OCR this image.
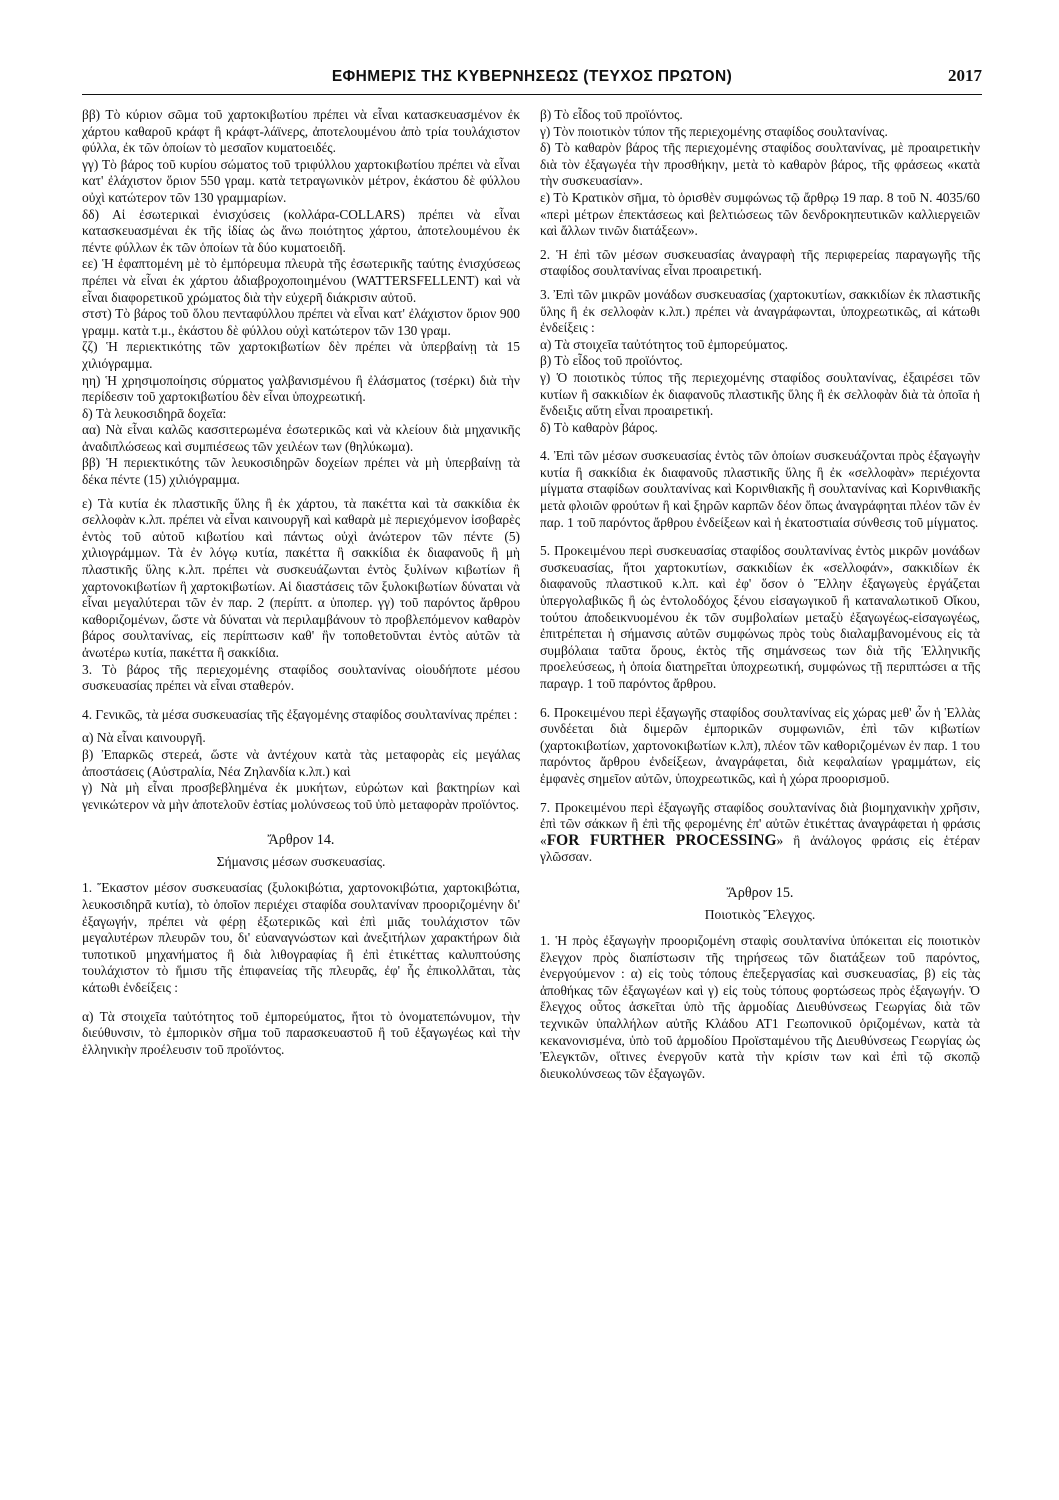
ΕΦΗΜΕΡΙΣ ΤΗΣ ΚΥΒΕΡΝΗΣΕΩΣ (ΤΕΥΧΟΣ ΠΡΩΤΟΝ)	2017

ββ) Τὸ κύριον σῶμα τοῦ χαρτοκιβωτίου πρέπει νὰ εἶναι κατασκευασμένον ἐκ χάρτου καθαροῦ κράφτ ἢ κράφτ-λάϊνερς, ἀποτελουμένου ἀπὸ τρία τουλάχιστον φύλλα, ἐκ τῶν ὁποίων τὸ μεσαῖον κυματοειδές.

γγ) Τὸ βάρος τοῦ κυρίου σώματος τοῦ τριφύλλου χαρτοκιβωτίου πρέπει νὰ εἶναι κατ' ἐλάχιστον ὅριον 550 γραμ. κατὰ τετραγωνικὸν μέτρον, ἑκάστου δὲ φύλλου οὐχὶ κατώτερον τῶν 130 γραμμαρίων.

δδ) Αἱ ἐσωτερικαὶ ἐνισχύσεις (κολλάρα-COLLARS) πρέπει νὰ εἶναι κατασκευασμέναι ἐκ τῆς ἰδίας ὡς ἄνω ποιότητος χάρτου, ἀποτελουμένου ἐκ πέντε φύλλων ἐκ τῶν ὁποίων τὰ δύο κυματοειδῆ.

εε) Ἡ ἐφαπτομένη μὲ τὸ ἐμπόρευμα πλευρὰ τῆς ἐσωτερικῆς ταύτης ἐνισχύσεως πρέπει νὰ εἶναι ἐκ χάρτου ἀδιαβροχοποιημένου (WATTERSFELLENT) καὶ νὰ εἶναι διαφορετικοῦ χρώματος διὰ τὴν εὐχερῆ διάκρισιν αὐτοῦ.

στστ) Τὸ βάρος τοῦ ὅλου πενταφύλλου πρέπει νὰ εἶναι κατ' ἐλάχιστον ὅριον 900 γραμμ. κατὰ τ.μ., ἑκάστου δὲ φύλλου οὐχὶ κατώτερον τῶν 130 γραμ.

ζζ) Ἡ περιεκτικότης τῶν χαρτοκιβωτίων δὲν πρέπει νὰ ὑπερβαίνῃ τὰ 15 χιλιόγραμμα.

ηη) Ἡ χρησιμοποίησις σύρματος γαλβανισμένου ἢ ἐλάσματος (τσέρκι) διὰ τὴν περίδεσιν τοῦ χαρτοκιβωτίου δὲν εἶναι ὑποχρεωτική.

δ) Τὰ λευκοσιδηρᾶ δοχεῖα:

αα) Νὰ εἶναι καλῶς κασσιτερωμένα ἐσωτερικῶς καὶ νὰ κλείουν διὰ μηχανικῆς ἀναδιπλώσεως καὶ συμπιέσεως τῶν χειλέων των (θηλύκωμα).

ββ) Ἡ περιεκτικότης τῶν λευκοσιδηρῶν δοχείων πρέπει νὰ μὴ ὑπερβαίνῃ τὰ δέκα πέντε (15) χιλιόγραμμα.

ε) Τὰ κυτία ἐκ πλαστικῆς ὕλης ἢ ἐκ χάρτου, τὰ πακέττα καὶ τὰ σακκίδια ἐκ σελλοφὰν κ.λπ. πρέπει νὰ εἶναι καινουργῆ καὶ καθαρὰ μὲ περιεχόμενον ἰσοβαρὲς ἐντὸς τοῦ αὐτοῦ κιβωτίου καὶ πάντως οὐχὶ ἀνώτερον τῶν πέντε (5) χιλιογράμμων. Τὰ ἐν λόγῳ κυτία, πακέττα ἢ σακκίδια ἐκ διαφανοῦς ἢ μὴ πλαστικῆς ὕλης κ.λπ. πρέπει νὰ συσκευάζωνται ἐντὸς ξυλίνων κιβωτίων ἢ χαρτονοκιβωτίων ἢ χαρτοκιβωτίων. Αἱ διαστάσεις τῶν ξυλοκιβωτίων δύναται νὰ εἶναι μεγαλύτεραι τῶν ἐν παρ. 2 (περίπτ. α ὑποπερ. γγ) τοῦ παρόντος ἄρθρου καθοριζομένων, ὥστε νὰ δύναται νὰ περιλαμβάνουν τὸ προβλεπόμενον καθαρὸν βάρος σουλτανίνας, εἰς περίπτωσιν καθ' ἣν τοποθετοῦνται ἐντὸς αὐτῶν τὰ ἀνωτέρω κυτία, πακέττα ἢ σακκίδια.

3. Τὸ βάρος τῆς περιεχομένης σταφίδος σουλτανίνας οἱουδήποτε μέσου συσκευασίας πρέπει νὰ εἶναι σταθερόν.

4. Γενικῶς, τὰ μέσα συσκευασίας τῆς ἐξαγομένης σταφίδος σουλτανίνας πρέπει :

α) Νὰ εἶναι καινουργῆ.

β) Ἐπαρκῶς στερεά, ὥστε νὰ ἀντέχουν κατὰ τὰς μεταφορὰς εἰς μεγάλας ἀποστάσεις (Αὐστραλία, Νέα Ζηλανδία κ.λπ.) καὶ

γ) Νὰ μὴ εἶναι προσβεβλημένα ἐκ μυκήτων, εὐρώτων καὶ βακτηρίων καὶ γενικώτερον νὰ μὴν ἀποτελοῦν ἑστίας μολύνσεως τοῦ ὑπὸ μεταφορὰν προϊόντος.

Ἄρθρον 14.
Σήμανσις μέσων συσκευασίας.

1. Ἕκαστον μέσον συσκευασίας (ξυλοκιβώτια, χαρτονοκιβώτια, χαρτοκιβώτια, λευκοσιδηρᾶ κυτία), τὸ ὁποῖον περιέχει σταφίδα σουλτανίναν προοριζομένην δι' ἐξαγωγήν, πρέπει νὰ φέρῃ ἐξωτερικῶς καὶ ἐπὶ μιᾶς τουλάχιστον τῶν μεγαλυτέρων πλευρῶν του, δι' εὐαναγνώστων καὶ ἀνεξιτήλων χαρακτήρων διὰ τυποτικοῦ μηχανήματος ἢ διὰ λιθογραφίας ἢ ἐπὶ ἐτικέττας καλυπτούσης τουλάχιστον τὸ ἥμισυ τῆς ἐπιφανείας τῆς πλευρᾶς, ἐφ' ἧς ἐπικολλᾶται, τὰς κάτωθι ἐνδείξεις :

α) Τὰ στοιχεῖα ταὐτότητος τοῦ ἐμπορεύματος, ἤτοι τὸ ὀνοματεπώνυμον, τὴν διεύθυνσιν, τὸ ἐμπορικὸν σῆμα τοῦ παρασκευαστοῦ ἢ τοῦ ἐξαγωγέως καὶ τὴν ἑλληνικὴν προέλευσιν τοῦ προϊόντος.

β) Τὸ εἶδος τοῦ προϊόντος.

γ) Τὸν ποιοτικὸν τύπον τῆς περιεχομένης σταφίδος σουλτανίνας.

δ) Τὸ καθαρὸν βάρος τῆς περιεχομένης σταφίδος σουλτανίνας, μὲ προαιρετικὴν διὰ τὸν ἐξαγωγέα τὴν προσθήκην, μετὰ τὸ καθαρὸν βάρος, τῆς φράσεως «κατὰ τὴν συσκευασίαν».

ε) Τὸ Κρατικὸν σῆμα, τὸ ὁρισθὲν συμφώνως τῷ ἄρθρῳ 19 παρ. 8 τοῦ Ν. 4035/60 «περὶ μέτρων ἐπεκτάσεως καὶ βελτιώσεως τῶν δενδροκηπευτικῶν καλλιεργειῶν καὶ ἄλλων τινῶν διατάξεων».

2. Ἡ ἐπὶ τῶν μέσων συσκευασίας ἀναγραφὴ τῆς περιφερείας παραγωγῆς τῆς σταφίδος σουλτανίνας εἶναι προαιρετική.

3. Ἐπὶ τῶν μικρῶν μονάδων συσκευασίας (χαρτοκυτίων, σακκιδίων ἐκ πλαστικῆς ὕλης ἢ ἐκ σελλοφὰν κ.λπ.) πρέπει νὰ ἀναγράφωνται, ὑποχρεωτικῶς, αἱ κάτωθι ἐνδείξεις :

α) Τὰ στοιχεῖα ταὐτότητος τοῦ ἐμπορεύματος.

β) Τὸ εἶδος τοῦ προϊόντος.

γ) Ὁ ποιοτικὸς τύπος τῆς περιεχομένης σταφίδος σουλτανίνας, ἐξαιρέσει τῶν κυτίων ἢ σακκιδίων ἐκ διαφανοῦς πλαστικῆς ὕλης ἢ ἐκ σελλοφὰν διὰ τὰ ὁποῖα ἡ ἔνδειξις αὕτη εἶναι προαιρετική.

δ) Τὸ καθαρὸν βάρος.

4. Ἐπὶ τῶν μέσων συσκευασίας ἐντὸς τῶν ὁποίων συσκευάζονται πρὸς ἐξαγωγὴν κυτία ἢ σακκίδια ἐκ διαφανοῦς πλαστικῆς ὕλης ἢ ἐκ «σελλοφὰν» περιέχοντα μίγματα σταφίδων σουλτανίνας καὶ Κορινθιακῆς ἢ σουλτανίνας καὶ Κορινθιακῆς μετὰ φλοιῶν φρούτων ἢ καὶ ξηρῶν καρπῶν δέον ὅπως ἀναγράφηται πλέον τῶν ἐν παρ. 1 τοῦ παρόντος ἄρθρου ἐνδείξεων καὶ ἡ ἑκατοστιαία σύνθεσις τοῦ μίγματος.

5. Προκειμένου περὶ συσκευασίας σταφίδος σουλτανίνας ἐντὸς μικρῶν μονάδων συσκευασίας, ἤτοι χαρτοκυτίων, σακκιδίων ἐκ «σελλοφάν», σακκιδίων ἐκ διαφανοῦς πλαστικοῦ κ.λπ. καὶ ἐφ' ὅσον ὁ Ἕλλην ἐξαγωγεὺς ἐργάζεται ὑπεργολαβικῶς ἢ ὡς ἐντολοδόχος ξένου εἰσαγωγικοῦ ἢ καταναλωτικοῦ Οἴκου, τούτου ἀποδεικνυομένου ἐκ τῶν συμβολαίων μεταξὺ ἐξαγωγέως-εἰσαγωγέως, ἐπιτρέπεται ἡ σήμανσις αὐτῶν συμφώνως πρὸς τοὺς διαλαμβανομένους εἰς τὰ συμβόλαια ταῦτα ὅρους, ἐκτὸς τῆς σημάνσεως των διὰ τῆς Ἑλληνικῆς προελεύσεως, ἡ ὁποία διατηρεῖται ὑποχρεωτική, συμφώνως τῇ περιπτώσει α τῆς παραγρ. 1 τοῦ παρόντος ἄρθρου.

6. Προκειμένου περὶ ἐξαγωγῆς σταφίδος σουλτανίνας εἰς χώρας μεθ' ὧν ἡ Ἑλλὰς συνδέεται διὰ διμερῶν ἐμπορικῶν συμφωνιῶν, ἐπὶ τῶν κιβωτίων (χαρτοκιβωτίων, χαρτονοκιβωτίων κ.λπ), πλέον τῶν καθοριζομένων ἐν παρ. 1 του παρόντος ἄρθρου ἐνδείξεων, ἀναγράφεται, διὰ κεφαλαίων γραμμάτων, εἰς ἐμφανὲς σημεῖον αὐτῶν, ὑποχρεωτικῶς, καὶ ἡ χώρα προορισμοῦ.

7. Προκειμένου περὶ ἐξαγωγῆς σταφίδος σουλτανίνας διὰ βιομηχανικὴν χρῆσιν, ἐπὶ τῶν σάκκων ἢ ἐπὶ τῆς φερομένης ἐπ' αὐτῶν ἐτικέττας ἀναγράφεται ἡ φράσις «FOR FURTHER PROCESSING» ἢ ἀνάλογος φράσις εἰς ἑτέραν γλῶσσαν.

Ἄρθρον 15.
Ποιοτικὸς Ἔλεγχος.

1. Ἡ πρὸς ἐξαγωγὴν προοριζομένη σταφὶς σουλτανίνα ὑπόκειται εἰς ποιοτικὸν ἔλεγχον πρὸς διαπίστωσιν τῆς τηρήσεως τῶν διατάξεων τοῦ παρόντος, ἐνεργούμενον : α) εἰς τοὺς τόπους ἐπεξεργασίας καὶ συσκευασίας, β) εἰς τὰς ἀποθήκας τῶν ἐξαγωγέων καὶ γ) εἰς τοὺς τόπους φορτώσεως πρὸς ἐξαγωγήν. Ὁ ἔλεγχος οὗτος ἀσκεῖται ὑπὸ τῆς ἁρμοδίας Διευθύνσεως Γεωργίας διὰ τῶν τεχνικῶν ὑπαλλήλων αὐτῆς Κλάδου ΑΤ1 Γεωπονικοῦ ὁριζομένων, κατὰ τὰ κεκανονισμένα, ὑπὸ τοῦ ἁρμοδίου Προϊσταμένου τῆς Διευθύνσεως Γεωργίας ὡς Ἐλεγκτῶν, οἵτινες ἐνεργοῦν κατὰ τὴν κρίσιν των καὶ ἐπὶ τῷ σκοπῷ διευκολύνσεως τῶν ἐξαγωγῶν.
